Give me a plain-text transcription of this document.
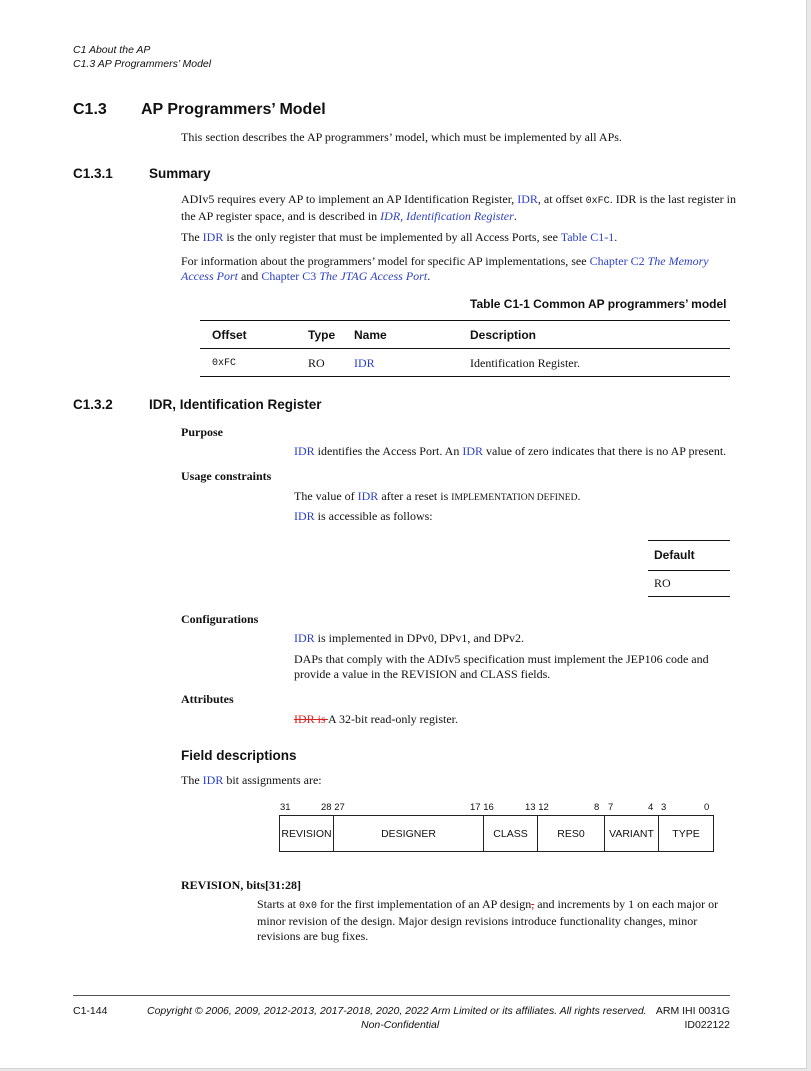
C1 About the AP
C1.3 AP Programmers’ Model
C1.3 AP Programmers’ Model
This section describes the AP programmers’ model, which must be implemented by all APs.
C1.3.1	Summary
ADIv5 requires every AP to implement an AP Identification Register, IDR, at offset 0xFC. IDR is the last register in
the AP register space, and is described in IDR, Identification Register.
The IDR is the only register that must be implemented by all Access Ports, see Table C1-1.
For information about the programmers’ model for specific AP implementations, see Chapter C2 The Memory
Access Port and Chapter C3 The JTAG Access Port.
Table C1-1 Common AP programmers’ model
Offset	Type Name	Description
0xFC	RO IDR	Identification Register.
C1.3.2	IDR, Identification Register
Purpose
IDR identifies the Access Port. An IDR value of zero indicates that there is no AP present.
Usage constraints
The value of IDR after a reset is IMPLEMENTATION DEFINED.
IDR is accessible as follows:
Default
RO
Configurations
IDR is implemented in DPv0, DPv1, and DPv2.
DAPs that comply with the ADIv5 specification must implement the JEP106 code and
provide a value in the REVISION and CLASS fields.
Attributes
IDR is A 32-bit read-only register.
Field descriptions
The IDR bit assignments are:
31	28 27	17 16	13 12	8 7	4 3	0
REVISION	DESIGNER	CLASS	RES0	VARIANT	TYPE
REVISION, bits[31:28]
Starts at 0x0 for the first implementation of an AP design, and increments by 1 on each major or
minor revision of the design. Major design revisions introduce functionality changes, minor
revisions are bug fixes.
C1-144	Copyright © 2006, 2009, 2012-2013, 2017-2018, 2020, 2022 Arm Limited or its affiliates. All rights reserved. ARM IHI 0031G
Non-Confidential	ID022122
